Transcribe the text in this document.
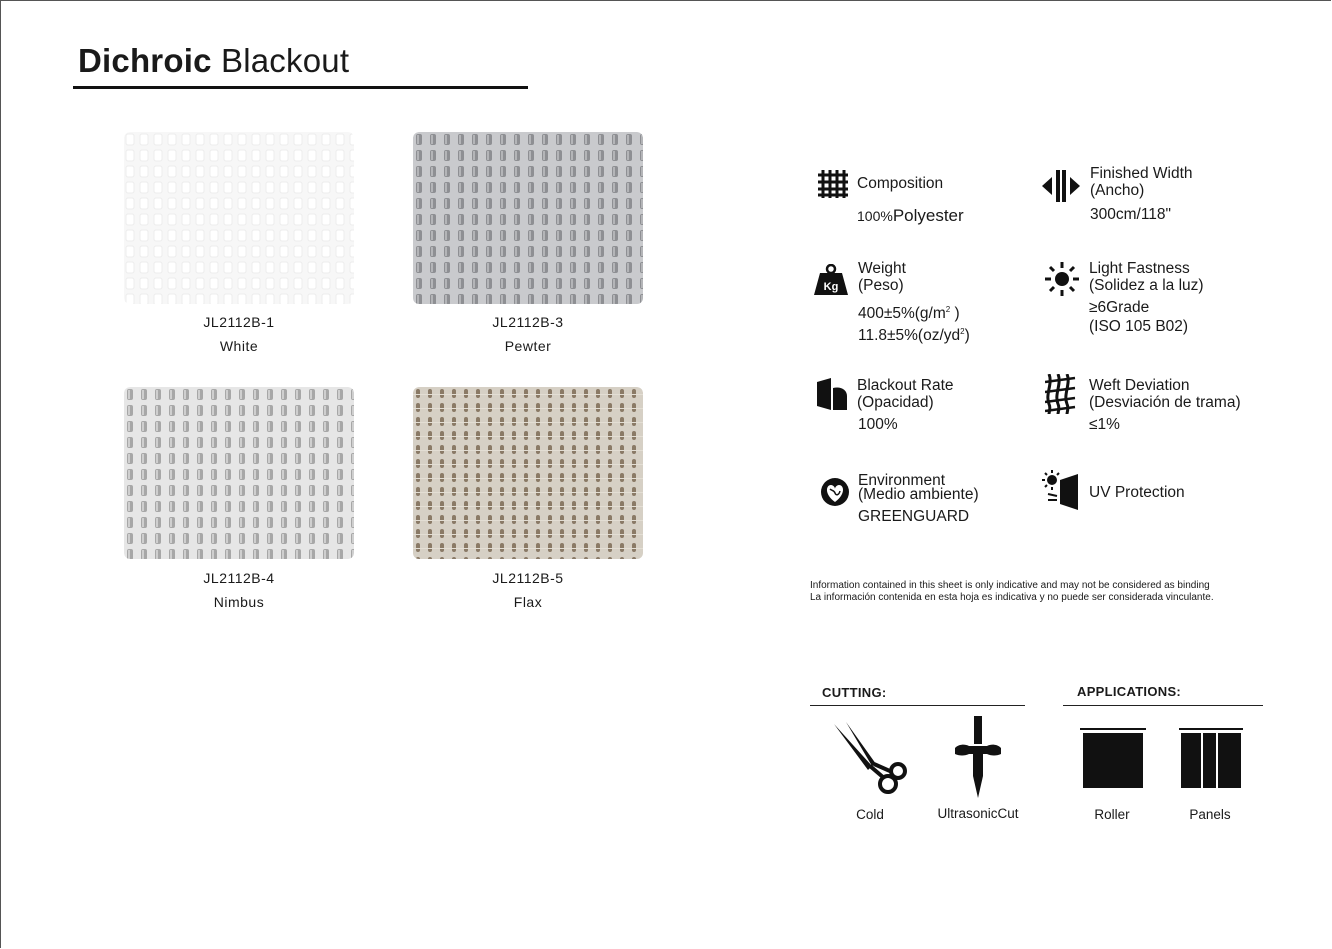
Dichroic Blackout
JL2112B-1
White
JL2112B-3
Pewter
JL2112B-4
Nimbus
JL2112B-5
Flax
Composition
100%Polyester
Finished Width
(Ancho)
300cm/118"
Kg
Weight
(Peso)
$400\pm 5\%(g/m^2$ )
$11.8\pm 5\%(oz/yd^2)$
Light Fastness
(Solidez a la luz)
≥6Grade
(ISO 105 B02)
Blackout Rate
(Opacidad)
100%
Weft Deviation
(Desviación de trama)
≤1%
Environment
(Medio ambiente)
GREENGUARD
UV Protection
Information contained in this sheet is only indicative and may not be considered as binding
La información contenida en esta hoja es indicativa y no puede ser considerada vinculante.
CUTTING:
Cold	UltrasonicCut
APPLICATIONS:
Roller	Panels
